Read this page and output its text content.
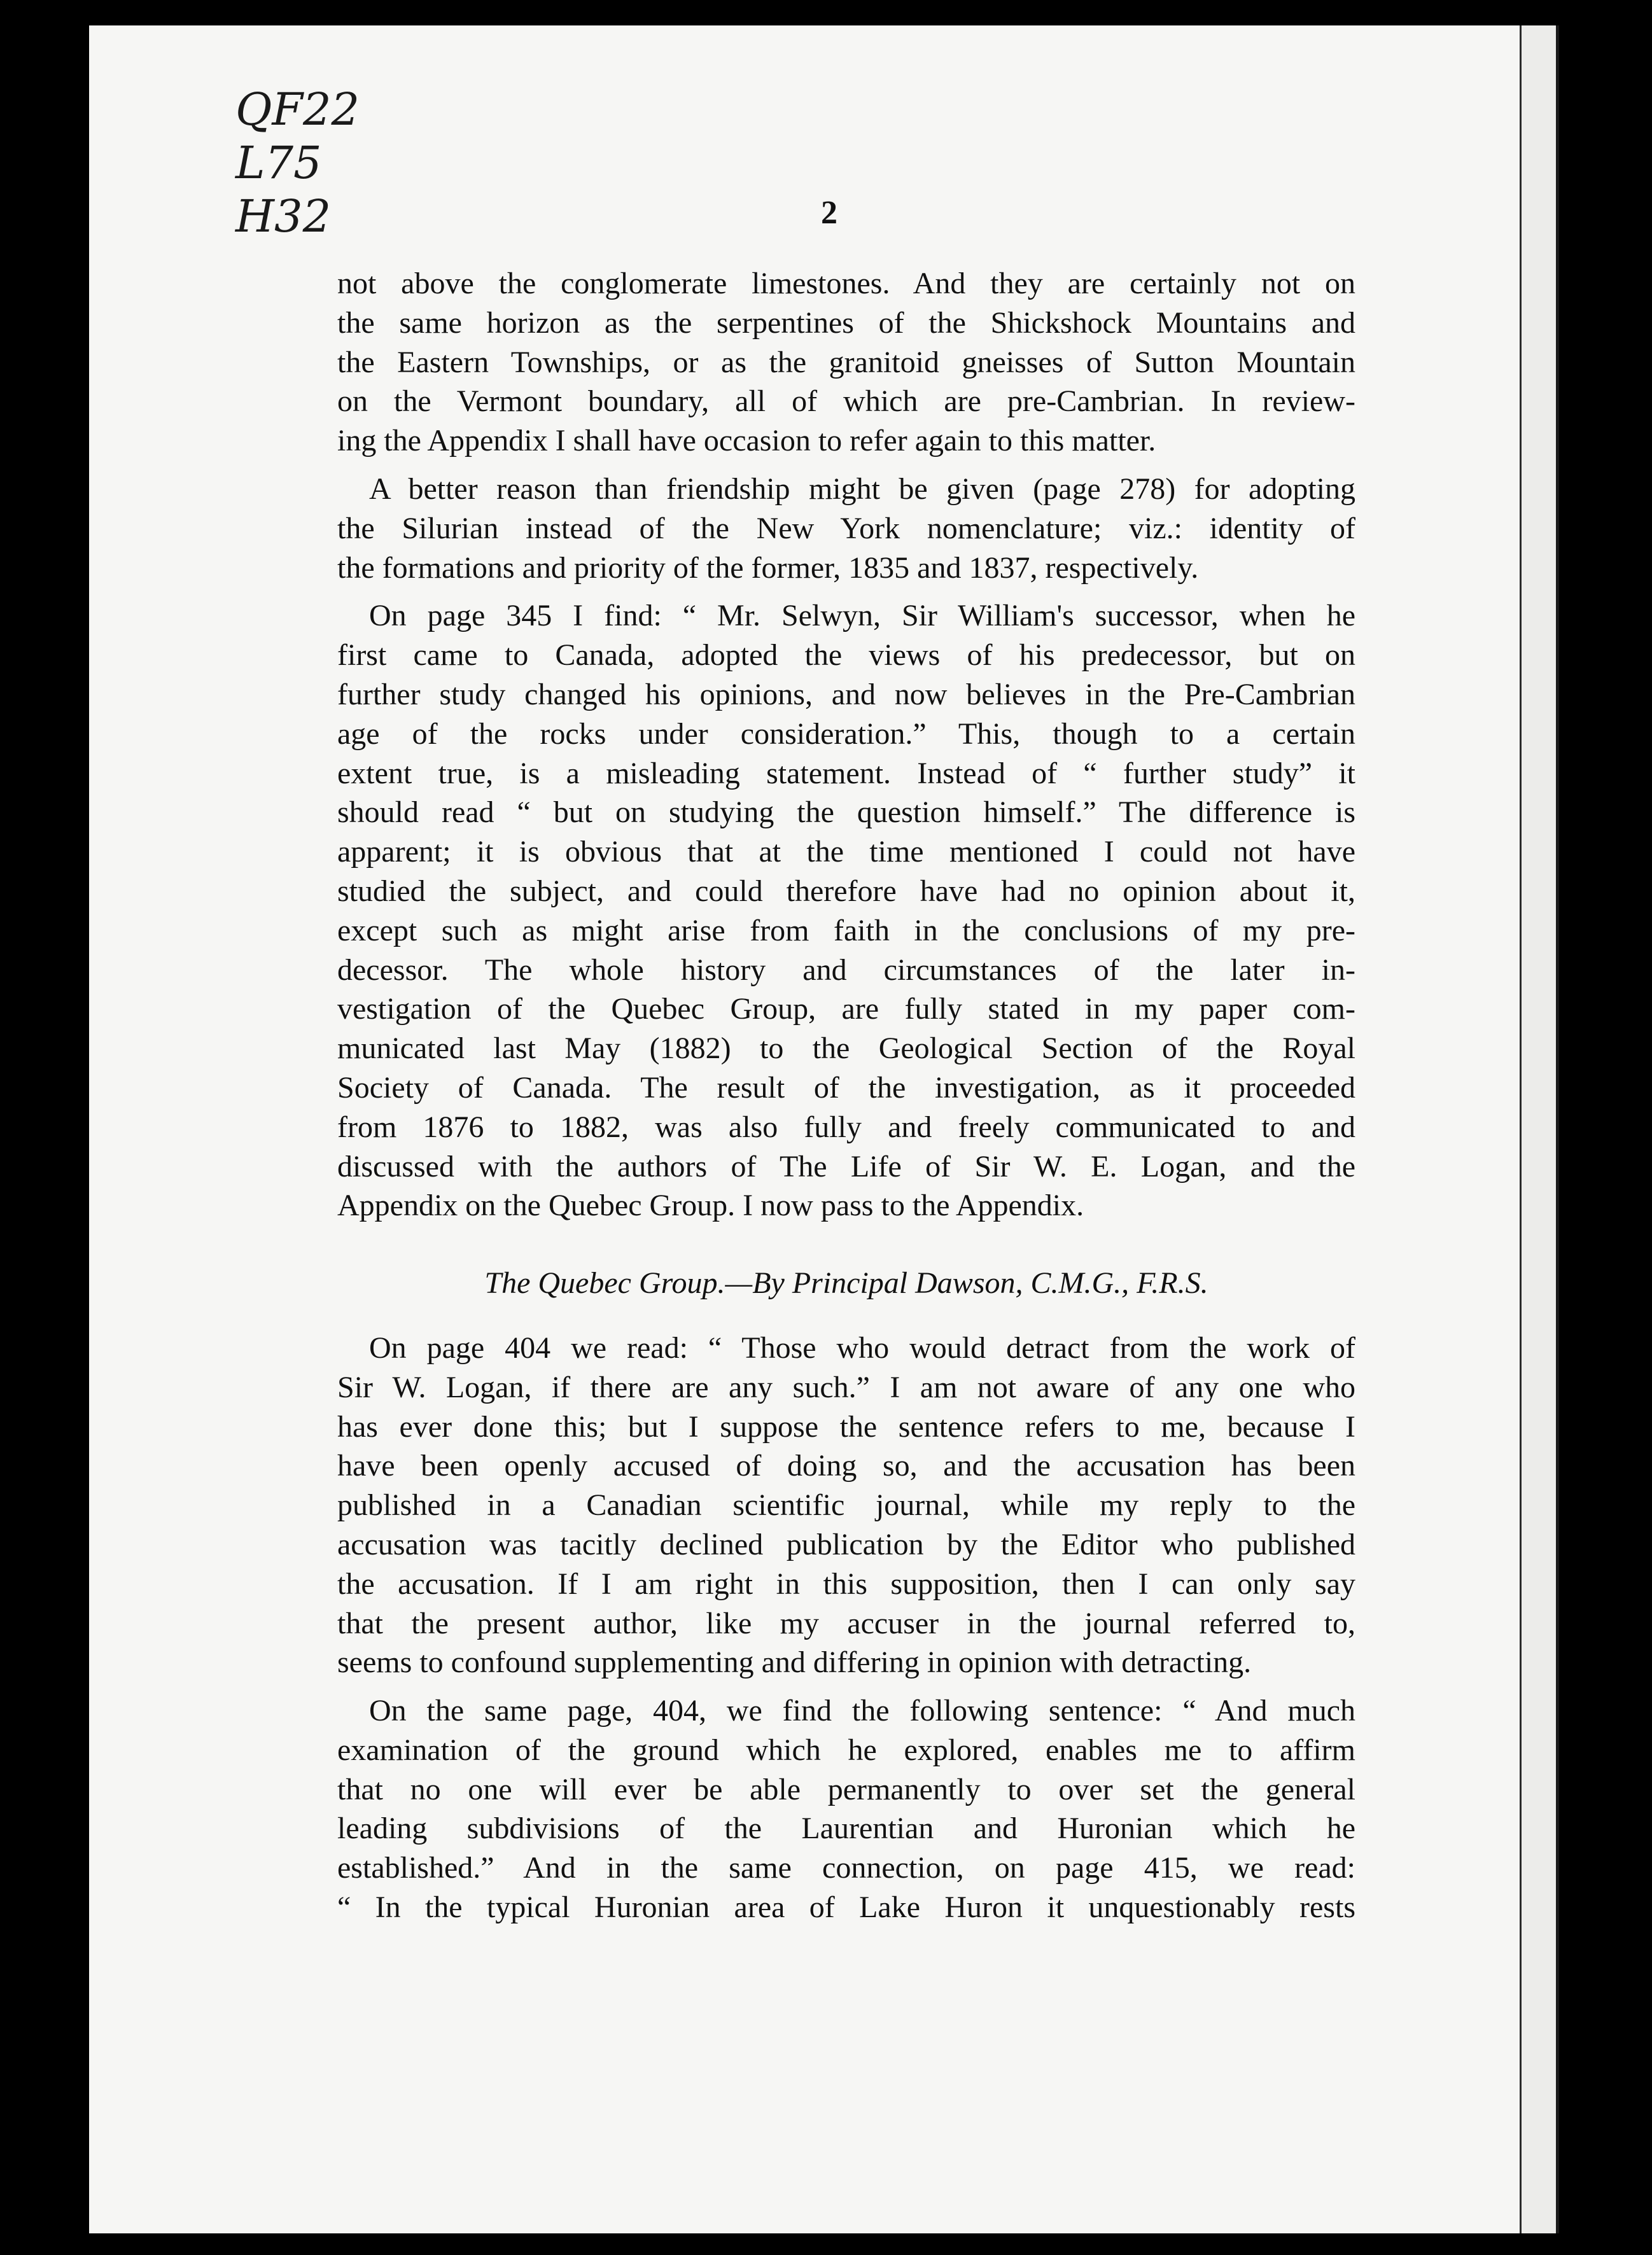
QF22
L75
H32	2
not above the conglomerate limestones. And they are certainly not on
the same horizon as the serpentines of the Shickshock Mountains and
the Eastern Townships, or as the granitoid gneisses of Sutton Mountain
on the Vermont boundary, all of which are pre-Cambrian. In review-
ing the Appendix I shall have occasion to refer again to this matter.
A better reason than friendship might be given (page 278) for adopting
the Silurian instead of the New York nomenclature; viz.: identity of
the formations and priority of the former, 1835 and 1837, respectively.
On page 345 I find: “ Mr. Selwyn, Sir William's successor, when he
first came to Canada, adopted the views of his predecessor, but on
further study changed his opinions, and now believes in the Pre-Cambrian
age of the rocks under consideration.” This, though to a certain
extent true, is a misleading statement. Instead of “ further study” it
should read “ but on studying the question himself.” The difference is
apparent; it is obvious that at the time mentioned I could not have
studied the subject, and could therefore have had no opinion about it,
except such as might arise from faith in the conclusions of my pre-
decessor. The whole history and circumstances of the later in-
vestigation of the Quebec Group, are fully stated in my paper com-
municated last May (1882) to the Geological Section of the Royal
Society of Canada. The result of the investigation, as it proceeded
from 1876 to 1882, was also fully and freely communicated to and
discussed with the authors of The Life of Sir W. E. Logan, and the
Appendix on the Quebec Group. I now pass to the Appendix.
The Quebec Group.—By Principal Dawson, C.M.G., F.R.S.
On page 404 we read: “ Those who would detract from the work of
Sir W. Logan, if there are any such.” I am not aware of any one who
has ever done this; but I suppose the sentence refers to me, because I
have been openly accused of doing so, and the accusation has been
published in a Canadian scientific journal, while my reply to the
accusation was tacitly declined publication by the Editor who published
the accusation. If I am right in this supposition, then I can only say
that the present author, like my accuser in the journal referred to,
seems to confound supplementing and differing in opinion with detracting.
On the same page, 404, we find the following sentence: “ And much
examination of the ground which he explored, enables me to affirm
that no one will ever be able permanently to over set the general
leading subdivisions of the Laurentian and Huronian which he
established.” And in the same connection, on page 415, we read:
“ In the typical Huronian area of Lake Huron it unquestionably rests
